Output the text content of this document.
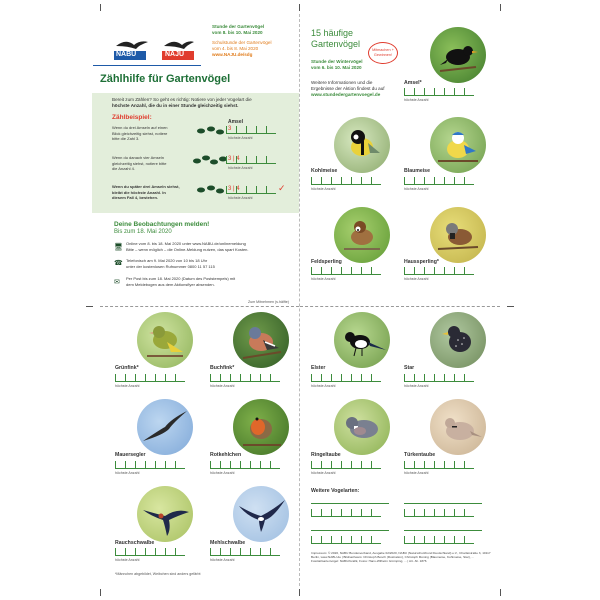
NABU	NAJU
Stunde der Gartenvögel
vom 8. bis 10. Mai 2020
Schulstunde der Gartenvögel
vom 4. bis 8. Mai 2020
www.NAJU.de/sdg
Zählhilfe für Gartenvögel
Bereit zum Zählen? So geht es richtig: Notiere von jeder Vogelart die
höchste Anzahl, die du in einer Stunde gleichzeitig siehst.
Zählbeispiel:
Wenn du drei Amseln auf einen Blick gleichzeitig siehst, notiere bitte die Zahl 3.
Wenn du danach vier Amseln gleichzeitig siehst, notiere bitte die Anzahl 4.
Wenn du später drei Amseln siehst, bleibt die höchste Anzahl. In diesem Fall 4, bestehen.
Amsel
3
höchste Anzahl
3 | 4
höchste Anzahl
3 | 4	✓
höchste Anzahl
Deine Beobachtungen melden!
Bis zum 18. Mai 2020
🖥
Online vom 8. bis 18. Mai 2020 unter www.NABU.de/onlinemeldung
Bitte – wenn möglich – die Online-Meldung nutzen, das spart Kosten.
☎ Telefonisch am 9. Mai 2020 von 10 bis 18 Uhr
unter der kostenlosen Rufnummer 0800 11 57 115
✉
Per Post bis zum 18. Mai 2020 (Datum des Poststempels) mit
dem Meldebogen aus dem Aktionsflyer absenden.
15 häufige
Gartenvögel
Mitmachen + Gewinnen!
Stunde der Wintervögel
vom 6. bis 10. Mai 2020
Weitere Informationen und die
Ergebnisse der Aktion findest du auf
www.stundedergartenvoegel.de
Amsel*
höchste Anzahl
Kohlmeise
höchste Anzahl
Blaumeise
höchste Anzahl
Feldsperling
höchste Anzahl
Haussperling*
höchste Anzahl
Zum Mitnehmen (s.hälfte)
Grünfink*
höchste Anzahl
Buchfink*
höchste Anzahl
Mauersegler
höchste Anzahl
Rotkehlchen
höchste Anzahl
Rauchschwalbe
höchste Anzahl
Mehlschwalbe
höchste Anzahl
*Männchen abgebildet, Weibchen sind anders gefärbt
Elster
höchste Anzahl
Star
höchste Anzahl
Ringeltaube
höchste Anzahl
Türkentaube
höchste Anzahl
Weitere Vogelarten:
Impressum: © 2020, NABU Bundesverband, Ausgabe 02/2020, NABU (Naturschutzbund Deutschland) e.V., Charitéstraße 3, 10117 Berlin, www.NABU.de | Bildnachweis: Christoph Bosch (Illustration), Christoph Moning (Blaumeise, Kohlmeise, Star), ... Fotolia/Gartenvögel: NABU/Grafik, Fotos: Hans-Wilhelm Grömping, ... | Art.-Nr. 1876
